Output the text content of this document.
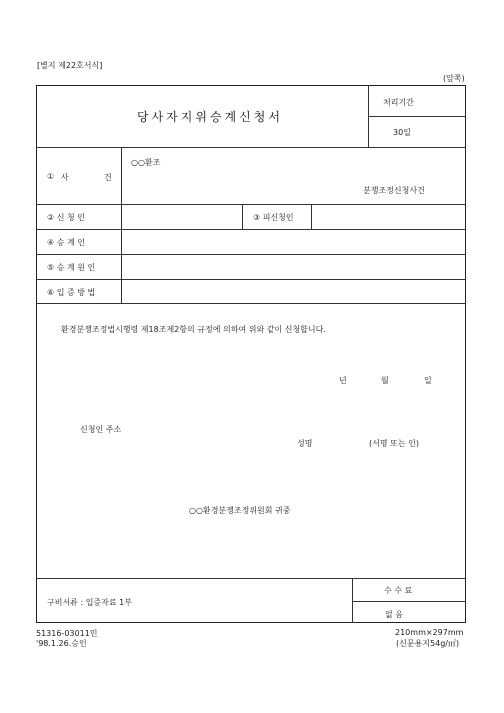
[별지 제22호서식]
(앞쪽)
당사자지위승계신청서
처리기간
30일
① 사	건
○○환조
분쟁조정신청사건
② 신 청 인	③ 피신청인
④ 승 계 인
⑤ 승 계 원 인
⑥ 입 증 방 법
환경분쟁조정법시행령 제18조제2항의 규정에 의하여 위와 같이 신청합니다.
년	월	일
신청인 주소
성명	(서명 또는 인)
○○환경분쟁조정위원회 귀중
구비서류 : 입증자료 1부
수 수 료
없 음
51316-03011민
'98.1.26.승인
210mm×297mm
(신문용지54g/㎡)
